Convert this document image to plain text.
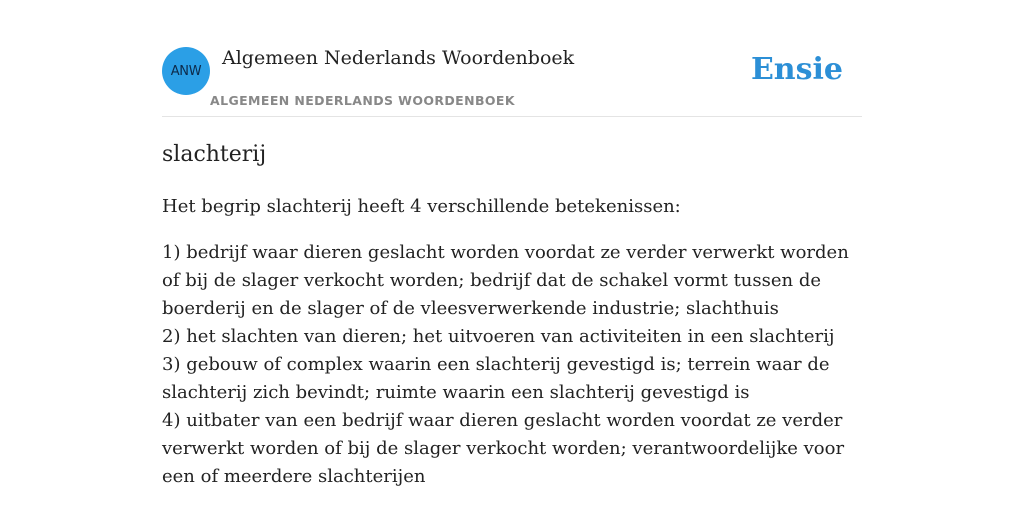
ANW
Algemeen Nederlands Woordenboek
ALGEMEEN NEDERLANDS WOORDENBOEK
Ensie
slachterij
Het begrip slachterij heeft 4 verschillende betekenissen:
1) bedrijf waar dieren geslacht worden voordat ze verder verwerkt worden of bij de slager verkocht worden; bedrijf dat de schakel vormt tussen de boerderij en de slager of de vleesverwerkende industrie; slachthuis
2) het slachten van dieren; het uitvoeren van activiteiten in een slachterij
3) gebouw of complex waarin een slachterij gevestigd is; terrein waar de slachterij zich bevindt; ruimte waarin een slachterij gevestigd is
4) uitbater van een bedrijf waar dieren geslacht worden voordat ze verder verwerkt worden of bij de slager verkocht worden; verantwoordelijke voor een of meerdere slachterijen
